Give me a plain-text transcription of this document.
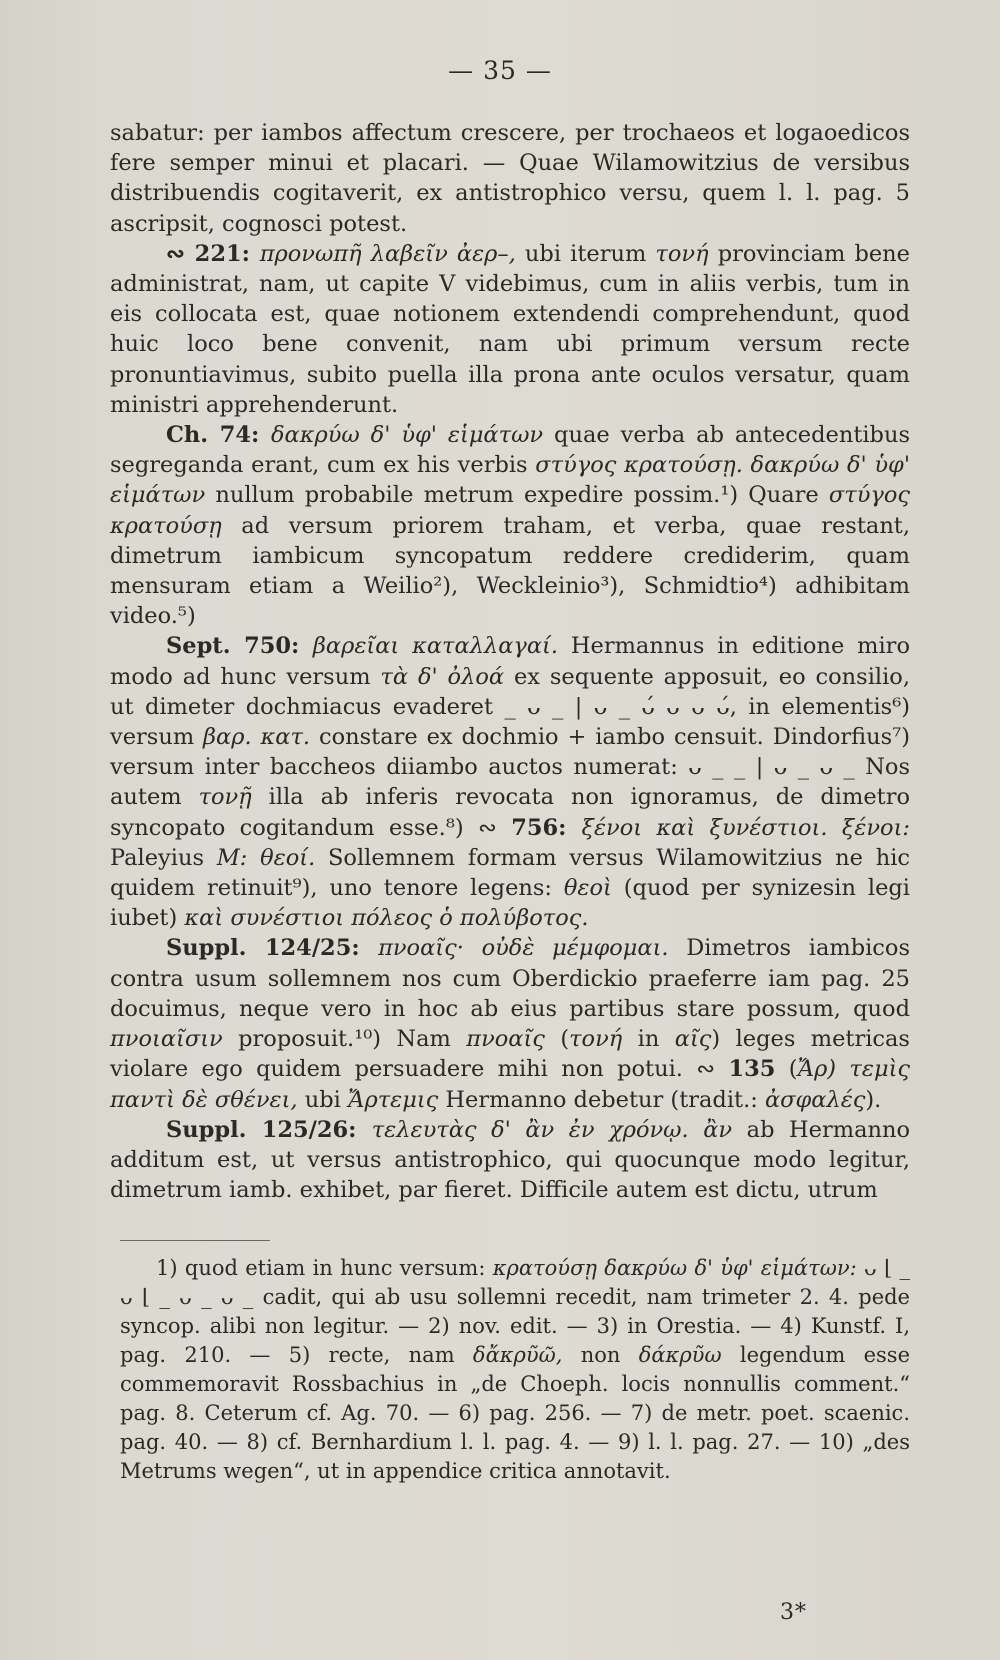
— 35 —

sabatur: per iambos affectum crescere, per trochaeos et logaoedicos fere semper minui et placari. — Quae Wilamowitzius de versibus distribuendis cogitaverit, ex antistrophico versu, quem l. l. pag. 5 ascripsit, cognosci potest.

∾ 221: προνωπῆ λαβεῖν ἀερ–, ubi iterum τονή provinciam bene administrat, nam, ut capite V videbimus, cum in aliis verbis, tum in eis collocata est, quae notionem extendendi comprehendunt, quod huic loco bene convenit, nam ubi primum versum recte pronuntiavimus, subito puella illa prona ante oculos versatur, quam ministri apprehenderunt.

Ch. 74: δακρύω δ' ὑφ' εἱμάτων quae verba ab antecedentibus segreganda erant, cum ex his verbis στύγος κρατούσῃ. δακρύω δ' ὑφ' εἱμάτων nullum probabile metrum expedire possim.¹) Quare στύγος κρατούσῃ ad versum priorem traham, et verba, quae restant, dimetrum iambicum syncopatum reddere crediderim, quam mensuram etiam a Weilio²), Weckleinio³), Schmidtio⁴) adhibitam video.⁵)

Sept. 750: βαρεῖαι καταλλαγαί. Hermannus in editione miro modo ad hunc versum τὰ δ' ὀλοά ex sequente apposuit, eo consilio, ut dimeter dochmiacus evaderet _ ᴗ _ | ᴗ _ ᴗ́ ᴗ ᴗ ᴗ́, in elementis⁶) versum βαρ. κατ. constare ex dochmio + iambo censuit. Dindorfius⁷) versum inter baccheos diiambo auctos numerat: ᴗ _ _ | ᴗ _ ᴗ _ Nos autem τονῇ illa ab inferis revocata non ignoramus, de dimetro syncopato cogitandum esse.⁸) ∾ 756: ξένοι καὶ ξυνέστιοι. ξένοι: Paleyius M: θεοί. Sollemnem formam versus Wilamowitzius ne hic quidem retinuit⁹), uno tenore legens: θεοὶ (quod per synizesin legi iubet) καὶ συνέστιοι πόλεος ὁ πολύβοτος.

Suppl. 124/25: πνοαῖς· οὐδὲ μέμφομαι. Dimetros iambicos contra usum sollemnem nos cum Oberdickio praeferre iam pag. 25 docuimus, neque vero in hoc ab eius partibus stare possum, quod πνοιαῖσιν proposuit.¹⁰) Nam πνοαῖς (τονή in αῖς) leges metricas violare ego quidem persuadere mihi non potui. ∾ 135 (Ἄρ) τεμὶς παντὶ δὲ σθένει, ubi Ἄρτεμις Hermanno debetur (tradit.: ἀσφαλές).

Suppl. 125/26: τελευτὰς δ' ἂν ἐν χρόνῳ. ἂν ab Hermanno additum est, ut versus antistrophico, qui quocunque modo legitur, dimetrum iamb. exhibet, par fieret. Difficile autem est dictu, utrum

1) quod etiam in hunc versum: κρατούσῃ δακρύω δ' ὑφ' εἱμάτων: ᴗ ⌊ _ ᴗ ⌊ _ ᴗ _ ᴗ _ cadit, qui ab usu sollemni recedit, nam trimeter 2. 4. pede syncop. alibi non legitur. — 2) nov. edit. — 3) in Orestia. — 4) Kunstf. I, pag. 210. — 5) recte, nam δἄκρῦῶ, non δάκρῦω legendum esse commemoravit Rossbachius in „de Choeph. locis nonnullis comment.“ pag. 8. Ceterum cf. Ag. 70. — 6) pag. 256. — 7) de metr. poet. scaenic. pag. 40. — 8) cf. Bernhardium l. l. pag. 4. — 9) l. l. pag. 27. — 10) „des Metrums wegen“, ut in appendice critica annotavit.

3*
